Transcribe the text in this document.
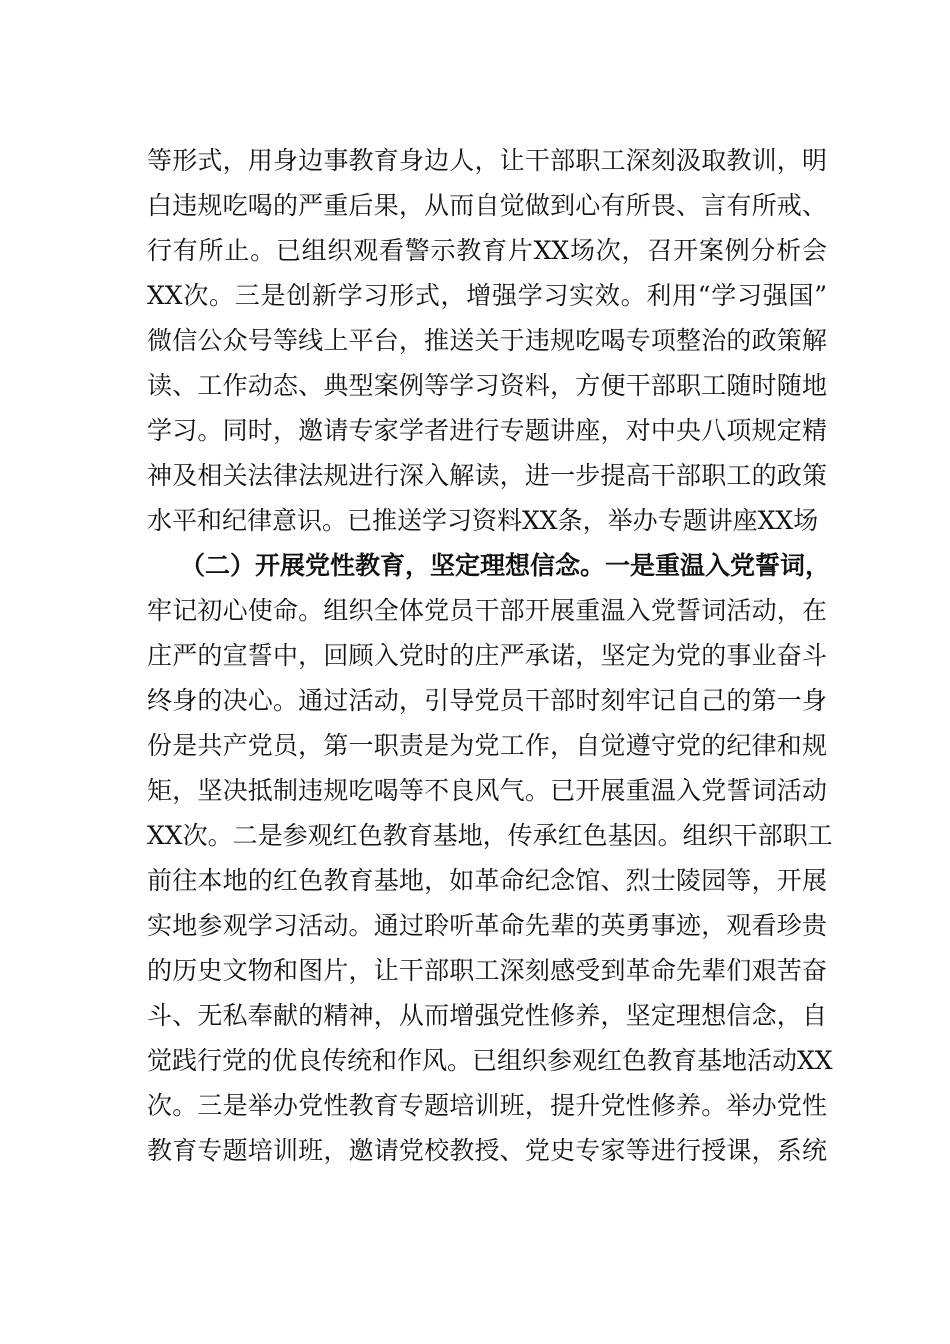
等形式，用身边事教育身边人，让干部职工深刻汲取教训，明
白违规吃喝的严重后果，从而自觉做到心有所畏、言有所戒、
行有所止。已组织观看警示教育片XX场次，召开案例分析会
XX次。三是创新学习形式，增强学习实效。利用“学习强国”
微信公众号等线上平台，推送关于违规吃喝专项整治的政策解
读、工作动态、典型案例等学习资料，方便干部职工随时随地
学习。同时，邀请专家学者进行专题讲座，对中央八项规定精
神及相关法律法规进行深入解读，进一步提高干部职工的政策
水平和纪律意识。已推送学习资料XX条，举办专题讲座XX场
（二）开展党性教育，坚定理想信念。一是重温入党誓词，
牢记初心使命。组织全体党员干部开展重温入党誓词活动，在
庄严的宣誓中，回顾入党时的庄严承诺，坚定为党的事业奋斗
终身的决心。通过活动，引导党员干部时刻牢记自己的第一身
份是共产党员，第一职责是为党工作，自觉遵守党的纪律和规
矩，坚决抵制违规吃喝等不良风气。已开展重温入党誓词活动
XX次。二是参观红色教育基地，传承红色基因。组织干部职工
前往本地的红色教育基地，如革命纪念馆、烈士陵园等，开展
实地参观学习活动。通过聆听革命先辈的英勇事迹，观看珍贵
的历史文物和图片，让干部职工深刻感受到革命先辈们艰苦奋
斗、无私奉献的精神，从而增强党性修养，坚定理想信念，自
觉践行党的优良传统和作风。已组织参观红色教育基地活动XX
次。三是举办党性教育专题培训班，提升党性修养。举办党性
教育专题培训班，邀请党校教授、党史专家等进行授课，系统
